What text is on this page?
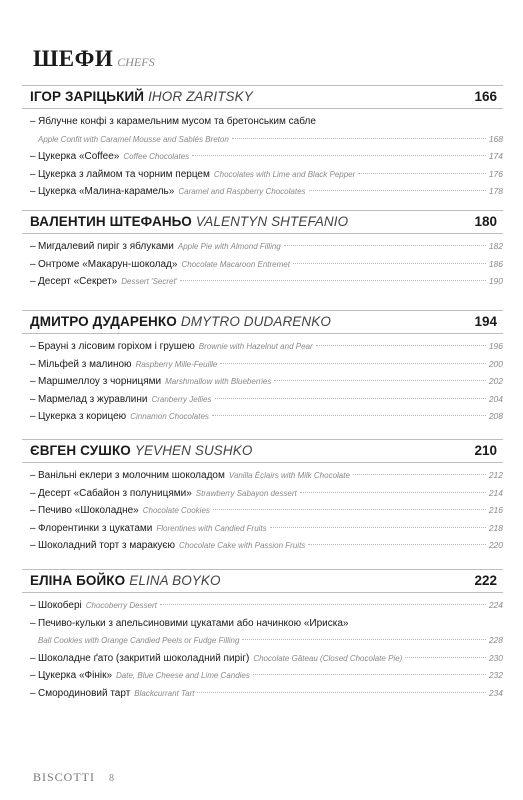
ШЕФИ CHEFS
ІГОР ЗАРІЦЬКИЙ IHOR ZARITSKY	166
– Яблучне конфі з карамельним мусом та бретонським сабле
Apple Confit with Caramel Mousse and Sablés Breton	168
– Цукерка «Coffee» Coffee Chocolates	174
– Цукерка з лаймом та чорним перцем Chocolates with Lime and Black Pepper	176
– Цукерка «Малина-карамель» Caramel and Raspberry Chocolates	178
ВАЛЕНТИН ШТЕФАНЬО VALENTYN SHTEFANIO	180
– Мигдалевий пиріг з яблуками Apple Pie with Almond Filling	182
– Онтроме «Макарун-шоколад» Chocolate Macaroon Entremet	186
– Десерт «Секрет» Dessert 'Secret'	190
ДМИТРО ДУДАРЕНКО DMYTRO DUDARENKO	194
– Брауні з лісовим горіхом і грушею Brownie with Hazelnut and Pear	196
– Мільфей з малиною Raspberry Mille-Feuille	200
– Маршмеллоу з чорницями Marshmallow with Blueberries	202
– Мармелад з журавлини Cranberry Jellies	204
– Цукерка з корицею Cinnamon Chocolates	208
ЄВГЕН СУШКО YEVHEN SUSHKO	210
– Ванільні еклери з молочним шоколадом Vanilla Éclairs with Milk Chocolate	212
– Десерт «Сабайон з полуницями» Strawberry Sabayon dessert	214
– Печиво «Шоколадне» Chocolate Cookies	216
– Флорентинки з цукатами Florentines with Candied Fruits	218
– Шоколадний торт з маракуєю Chocolate Cake with Passion Fruits	220
ЕЛІНА БОЙКО ELINA BOYKO	222
– Шокоберi Chocoberry Dessert	224
– Печиво-кульки з апельсиновими цукатами або начинкою «Ириска»
Ball Cookies with Orange Candied Peels or Fudge Filling	228
– Шоколадне ґато (закритий шоколадний пиріг) Chocolate Gâteau (Closed Chocolate Pie)	230
– Цукерка «Фінік» Date, Blue Cheese and Lime Candies	232
– Смородиновий тарт Blackcurrant Tart	234
BISCOTTI 8
